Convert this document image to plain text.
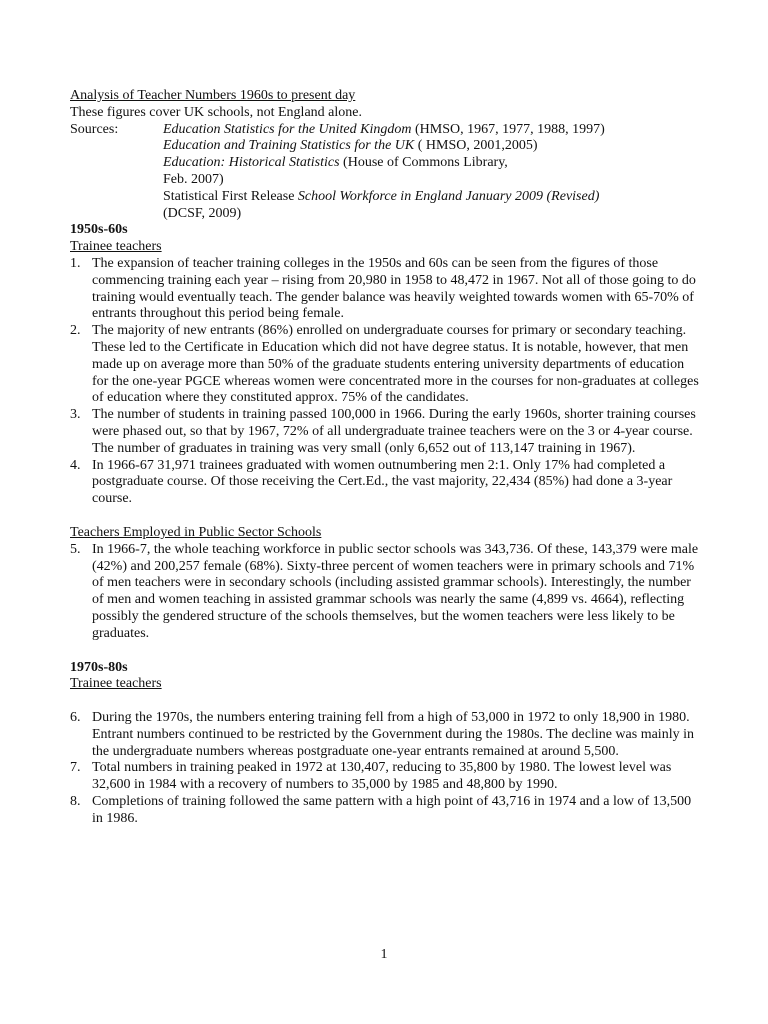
Analysis of Teacher Numbers 1960s to present day
These figures cover UK schools, not England alone.
Sources:	Education Statistics for the United Kingdom (HMSO, 1967, 1977, 1988, 1997)
Education and Training Statistics for the UK ( HMSO, 2001,2005)
Education: Historical Statistics (House of Commons Library,
Feb. 2007)
Statistical First Release School Workforce in England January 2009 (Revised)
(DCSF, 2009)
1950s-60s
Trainee teachers
1. The expansion of teacher training colleges in the 1950s and 60s can be seen from the figures of those commencing training each year – rising from 20,980 in 1958 to 48,472 in 1967. Not all of those going to do training would eventually teach. The gender balance was heavily weighted towards women with 65-70% of entrants throughout this period being female.
2. The majority of new entrants (86%) enrolled on undergraduate courses for primary or secondary teaching. These led to the Certificate in Education which did not have degree status. It is notable, however, that men made up on average more than 50% of the graduate students entering university departments of education for the one-year PGCE whereas women were concentrated more in the courses for non-graduates at colleges of education where they constituted approx. 75% of the candidates.
3. The number of students in training passed 100,000 in 1966. During the early 1960s, shorter training courses were phased out, so that by 1967, 72% of all undergraduate trainee teachers were on the 3 or 4-year course. The number of graduates in training was very small (only 6,652 out of 113,147 training in 1967).
4. In 1966-67 31,971 trainees graduated with women outnumbering men 2:1. Only 17% had completed a postgraduate course. Of those receiving the Cert.Ed., the vast majority, 22,434 (85%) had done a 3-year course.
Teachers Employed in Public Sector Schools
5. In 1966-7, the whole teaching workforce in public sector schools was 343,736. Of these, 143,379 were male (42%) and 200,257 female (68%). Sixty-three percent of women teachers were in primary schools and 71% of men teachers were in secondary schools (including assisted grammar schools). Interestingly, the number of men and women teaching in assisted grammar schools was nearly the same (4,899 vs. 4664), reflecting possibly the gendered structure of the schools themselves, but the women teachers were less likely to be graduates.
1970s-80s
Trainee teachers
6. During the 1970s, the numbers entering training fell from a high of 53,000 in 1972 to only 18,900 in 1980. Entrant numbers continued to be restricted by the Government during the 1980s. The decline was mainly in the undergraduate numbers whereas postgraduate one-year entrants remained at around 5,500.
7. Total numbers in training peaked in 1972 at 130,407, reducing to 35,800 by 1980. The lowest level was 32,600 in 1984 with a recovery of numbers to 35,000 by 1985 and 48,800 by 1990.
8. Completions of training followed the same pattern with a high point of 43,716 in 1974 and a low of 13,500 in 1986.
1
